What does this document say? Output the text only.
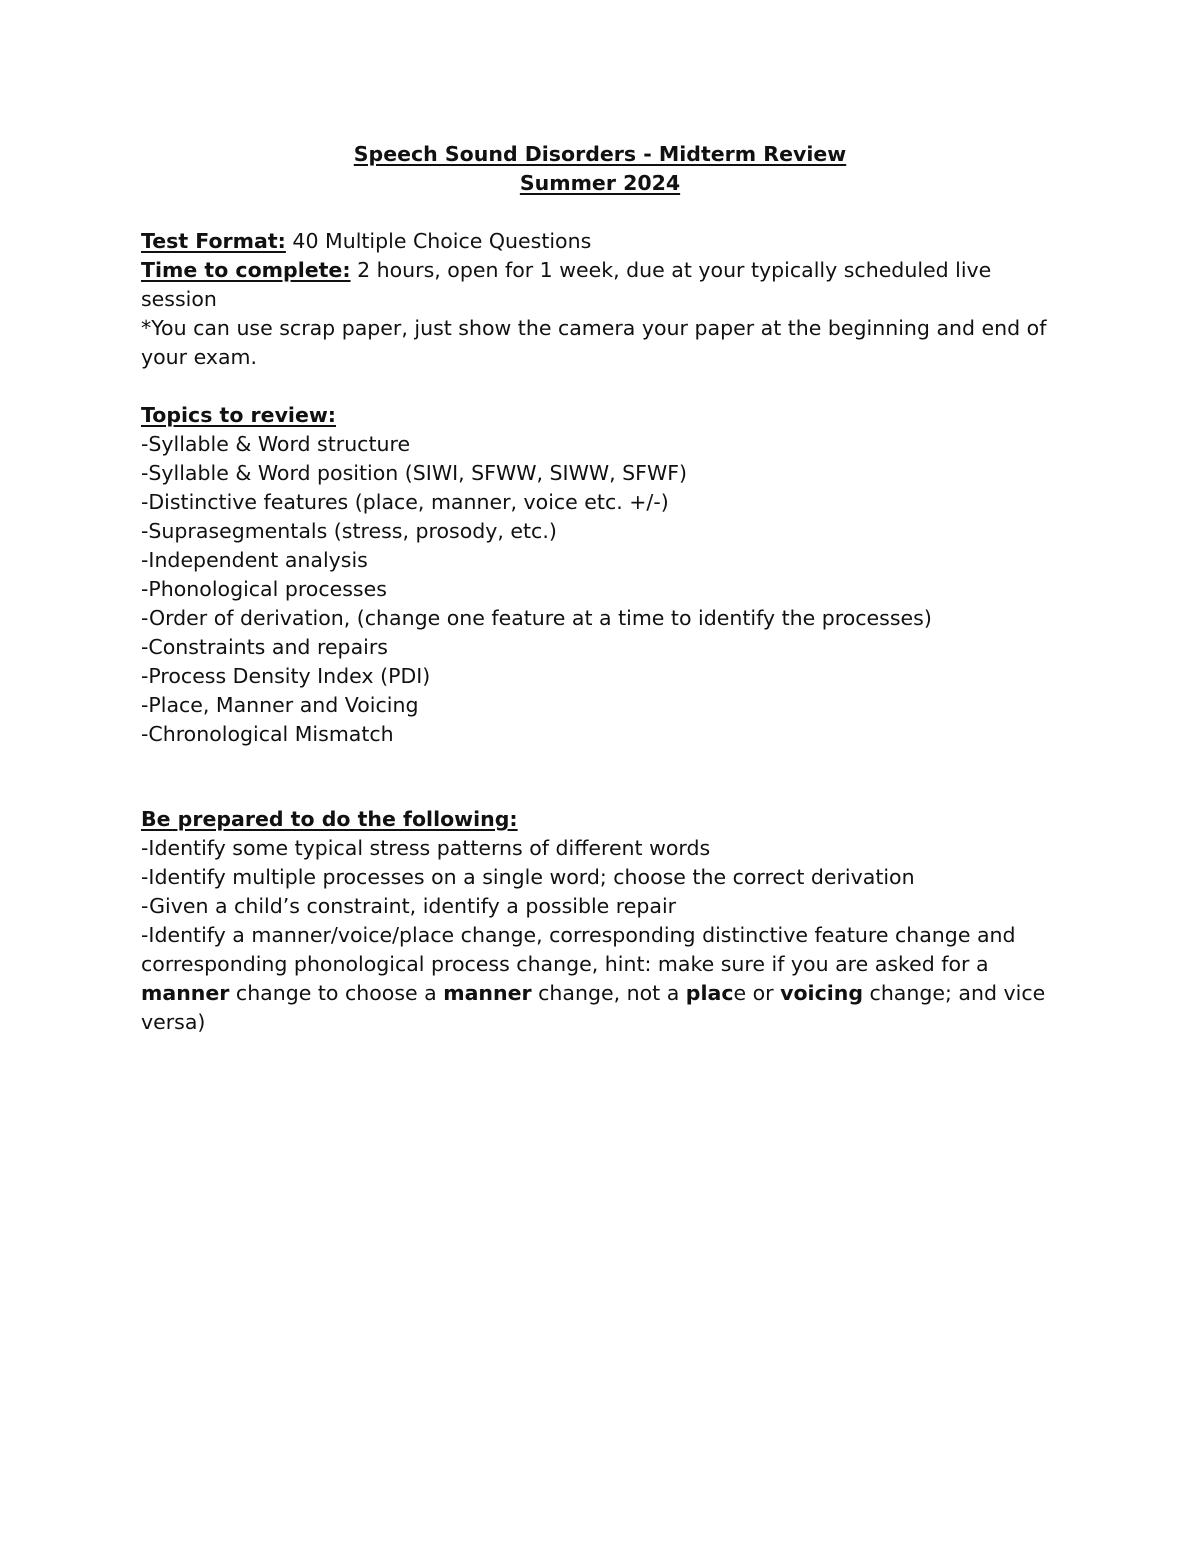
Speech Sound Disorders - Midterm Review
Summer 2024
Test Format: 40 Multiple Choice Questions
Time to complete: 2 hours, open for 1 week, due at your typically scheduled live session
*You can use scrap paper, just show the camera your paper at the beginning and end of your exam.
Topics to review:
-Syllable & Word structure
-Syllable & Word position (SIWI, SFWW, SIWW, SFWF)
-Distinctive features (place, manner, voice etc. +/-)
-Suprasegmentals (stress, prosody, etc.)
-Independent analysis
-Phonological processes
-Order of derivation, (change one feature at a time to identify the processes)
-Constraints and repairs
-Process Density Index (PDI)
-Place, Manner and Voicing
-Chronological Mismatch
Be prepared to do the following:
-Identify some typical stress patterns of different words
-Identify multiple processes on a single word; choose the correct derivation
-Given a child’s constraint, identify a possible repair
-Identify a manner/voice/place change, corresponding distinctive feature change and corresponding phonological process change, hint: make sure if you are asked for a manner change to choose a manner change, not a place or voicing change; and vice versa)
